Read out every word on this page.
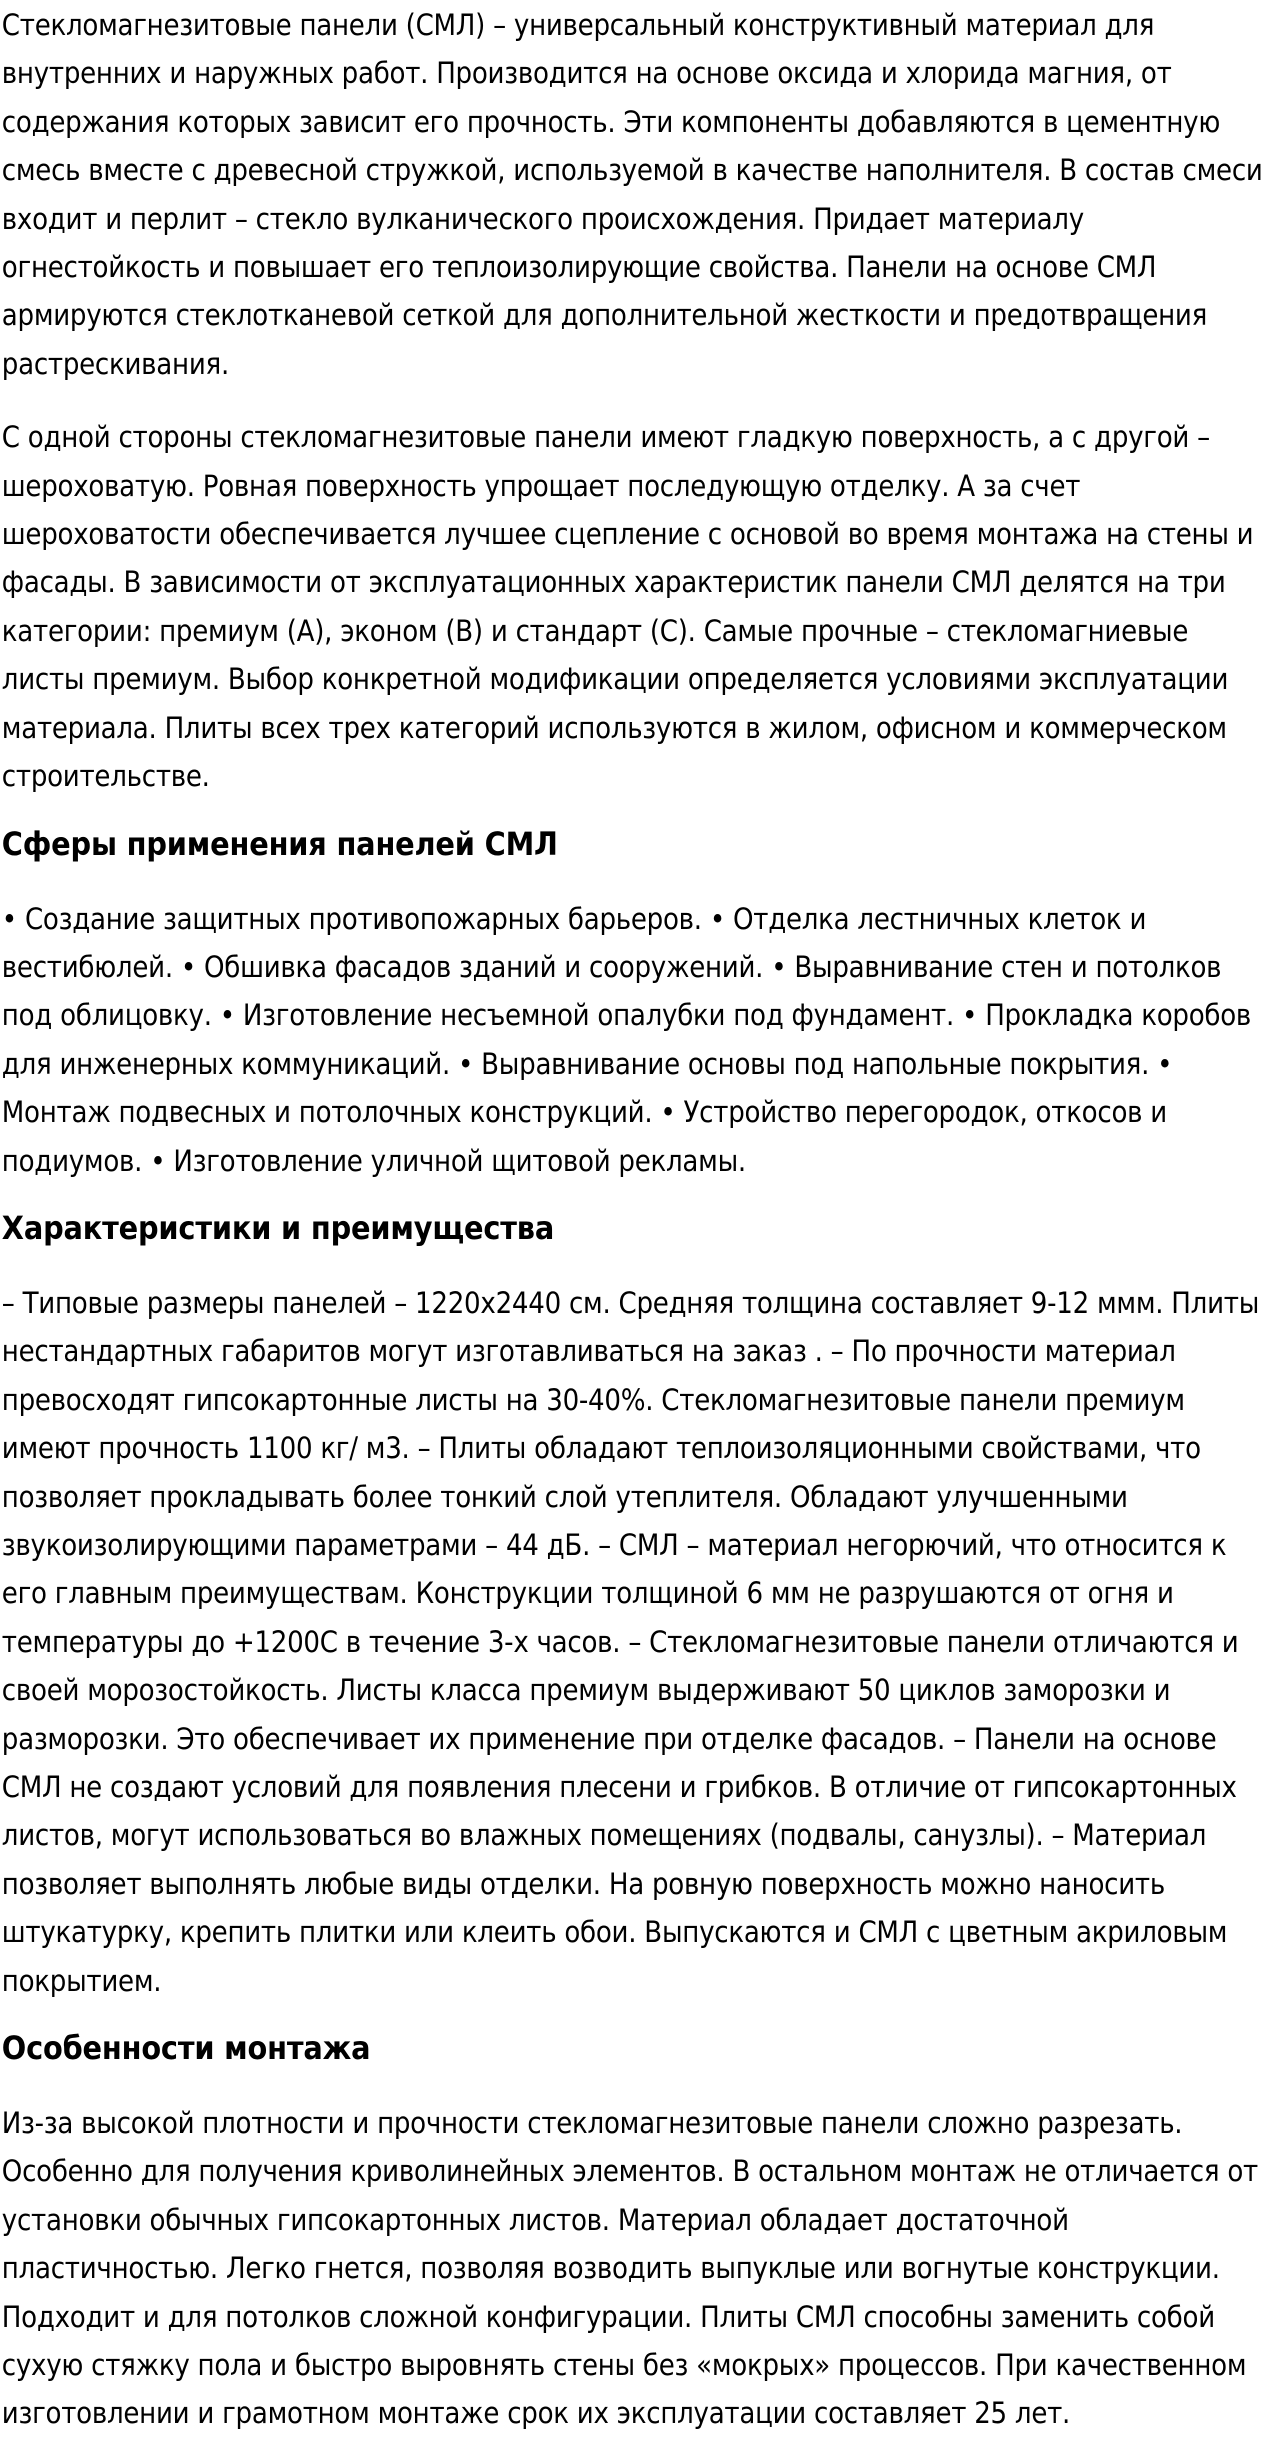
Стекломагнезитовые панели (СМЛ) – универсальный конструктивный материал для внутренних и наружных работ. Производится на основе оксида и хлорида магния, от содержания которых зависит его прочность. Эти компоненты добавляются в цементную смесь вместе с древесной стружкой, используемой в качестве наполнителя. В состав смеси входит и перлит – стекло вулканического происхождения. Придает материалу огнестойкость и повышает его теплоизолирующие свойства. Панели на основе СМЛ армируются стеклотканевой сеткой для дополнительной жесткости и предотвращения растрескивания.

С одной стороны стекломагнезитовые панели имеют гладкую поверхность, а с другой – шероховатую. Ровная поверхность упрощает последующую отделку. А за счет шероховатости обеспечивается лучшее сцепление с основой во время монтажа на стены и фасады. В зависимости от эксплуатационных характеристик панели СМЛ делятся на три категории: премиум (А), эконом (В) и стандарт (С). Самые прочные – стекломагниевые листы премиум. Выбор конкретной модификации определяется условиями эксплуатации материала. Плиты всех трех категорий используются в жилом, офисном и коммерческом строительстве.

Сферы применения панелей СМЛ

• Создание защитных противопожарных барьеров. • Отделка лестничных клеток и вестибюлей. • Обшивка фасадов зданий и сооружений. • Выравнивание стен и потолков под облицовку. • Изготовление несъемной опалубки под фундамент. • Прокладка коробов для инженерных коммуникаций. • Выравнивание основы под напольные покрытия. • Монтаж подвесных и потолочных конструкций. • Устройство перегородок, откосов и подиумов. • Изготовление уличной щитовой рекламы.

Характеристики и преимущества

– Типовые размеры панелей – 1220х2440 см. Средняя толщина составляет 9-12 ммм. Плиты нестандартных габаритов могут изготавливаться на заказ . – По прочности материал превосходят гипсокартонные листы на 30-40%. Стекломагнезитовые панели премиум имеют прочность 1100 кг/ м3. – Плиты обладают теплоизоляционными свойствами, что позволяет прокладывать более тонкий слой утеплителя. Обладают улучшенными звукоизолирующими параметрами – 44 дБ. – СМЛ – материал негорючий, что относится к его главным преимуществам. Конструкции толщиной 6 мм не разрушаются от огня и температуры до +1200С в течение 3-х часов. – Стекломагнезитовые панели отличаются и своей морозостойкость. Листы класса премиум выдерживают 50 циклов заморозки и разморозки. Это обеспечивает их применение при отделке фасадов. – Панели на основе СМЛ не создают условий для появления плесени и грибков. В отличие от гипсокартонных листов, могут использоваться во влажных помещениях (подвалы, санузлы). – Материал позволяет выполнять любые виды отделки. На ровную поверхность можно наносить штукатурку, крепить плитки или клеить обои. Выпускаются и СМЛ с цветным акриловым покрытием.

Особенности монтажа

Из-за высокой плотности и прочности стекломагнезитовые панели сложно разрезать. Особенно для получения криволинейных элементов. В остальном монтаж не отличается от установки обычных гипсокартонных листов. Материал обладает достаточной пластичностью. Легко гнется, позволяя возводить выпуклые или вогнутые конструкции. Подходит и для потолков сложной конфигурации. Плиты СМЛ способны заменить собой сухую стяжку пола и быстро выровнять стены без «мокрых» процессов. При качественном изготовлении и грамотном монтаже срок их эксплуатации составляет 25 лет.
